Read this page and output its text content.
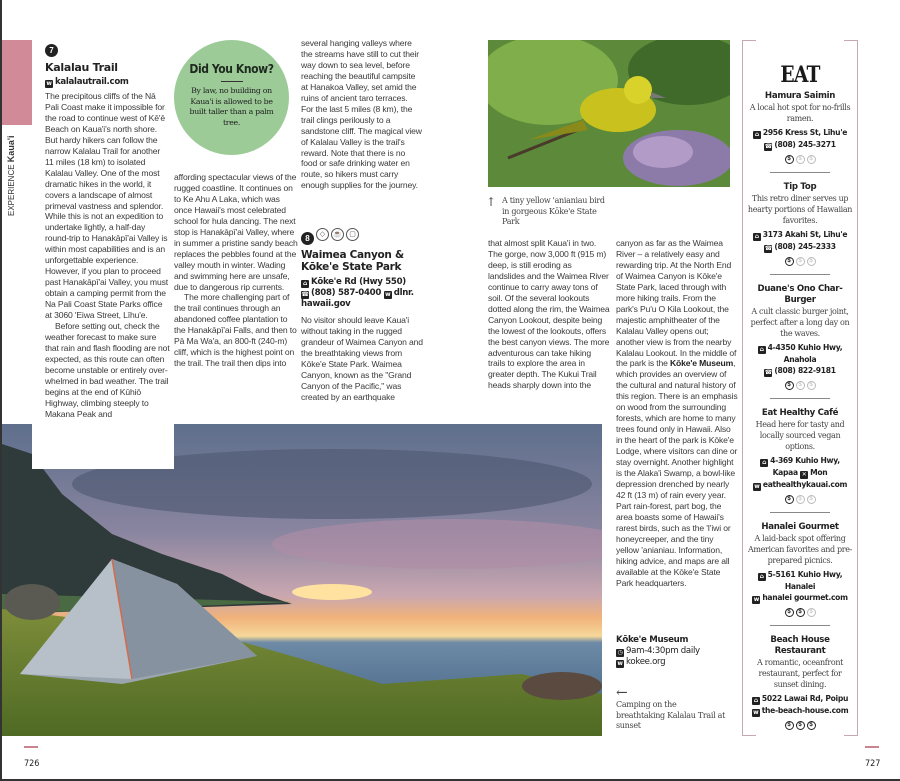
EXPERIENCE Kaua'i
7
Kalalau Trail
w kalalautrail.com

The precipitous cliffs of the Nā Pali Coast make it impossible for the road to continue west of Kē'ē Beach on Kaua'i's north shore. But hardy hikers can follow the narrow Kalalau Trail for another 11 miles (18 km) to isolated Kalalau Valley. One of the most dramatic hikes in the world, it covers a landscape of almost primeval vastness and splendor. While this is not an expedition to undertake lightly, a half-day round-trip to Hanakāpī'ai Valley is within most capabilities and is an unforgettable experience. However, if you plan to proceed past Hanakāpī'ai Valley, you must obtain a camping permit from the Na Pali Coast State Parks office at 3060 'Eiwa Street, Līhu'e.

Before setting out, check the weather forecast to make sure that rain and flash flooding are not expected, as this route can often become unstable or entirely over-whelmed in bad weather. The trail begins at the end of Kūhiō Highway, climbing steeply to Makana Peak and

Did You Know?
By law, no building on Kaua'i is allowed to be built taller than a palm tree.

affording spectacular views of the rugged coastline. It continues on to Ke Ahu A Laka, which was once Hawaii's most celebrated school for hula dancing. The next stop is Hanakāpī'ai Valley, where in summer a pristine sandy beach replaces the pebbles found at the valley mouth in winter. Wading and swimming here are unsafe, due to dangerous rip currents.

The more challenging part of the trail continues through an abandoned coffee plantation to the Hanakāpī'ai Falls, and then to Pā Ma Wa'a, an 800-ft (240-m) cliff, which is the highest point on the trail. The trail then dips into

several hanging valleys where the streams have still to cut their way down to sea level, before reaching the beautiful campsite at Hanakoa Valley, set amid the ruins of ancient taro terraces. For the last 5 miles (8 km), the trail clings perilously to a sandstone cliff. The magical view of Kalalau Valley is the trail's reward. Note that there is no food or safe drinking water en route, so hikers must carry enough supplies for the journey.

8 ◇ ☕ ▢
Waimea Canyon & Kōke'e State Park
⌂ Kōke'e Rd (Hwy 550)
☎ (808) 587-0400 w dlnr. hawaii.gov
No visitor should leave Kaua'i without taking in the rugged grandeur of Waimea Canyon and the breathtaking views from Kōke'e State Park. Waimea Canyon, known as the "Grand Canyon of the Pacific," was created by an earthquake
↑ A tiny yellow 'anianiau bird in gorgeous Kōke'e State Park
that almost split Kaua'i in two. The gorge, now 3,000 ft (915 m) deep, is still eroding as landslides and the Waimea River continue to carry away tons of soil. Of the several lookouts dotted along the rim, the Waimea Canyon Lookout, despite being the lowest of the lookouts, offers the best canyon views. The more adventurous can take hiking trails to explore the area in greater depth. The Kukui Trail heads sharply down into the
canyon as far as the Waimea River – a relatively easy and rewarding trip. At the North End of Waimea Canyon is Kōke'e State Park, laced through with more hiking trails. From the park's Pu'u O Kila Lookout, the majestic amphitheater of the Kalalau Valley opens out; another view is from the nearby Kalalau Lookout. In the middle of the park is the Kōke'e Museum, which provides an overview of the cultural and natural history of this region. There is an emphasis on wood from the surrounding forests, which are home to many trees found only in Hawaii. Also in the heart of the park is Kōke'e Lodge, where visitors can dine or stay overnight. Another highlight is the Alaka'i Swamp, a bowl-like depression drenched by nearly 42 ft (13 m) of rain every year. Part rain-forest, part bog, the area boasts some of Hawaii's rarest birds, such as the 'I'iwi or honeycreeper, and the tiny yellow 'anianiau. Information, hiking advice, and maps are all available at the Kōke'e State Park headquarters.
Kōke'e Museum
◷ 9am-4:30pm daily
w kokee.org
←
Camping on the breathtaking Kalalau Trail at sunset
EAT
Hamura Saimin
A local hot spot for no-frills ramen.
⌂ 2956 Kress St, Līhu'e
☎ (808) 245-3271
$ $ $
Tip Top
This retro diner serves up hearty portions of Hawaiian favorites.
⌂ 3173 Akahi St, Līhu'e
☎ (808) 245-2333
$ $ $
Duane's Ono Char-Burger
A cult classic burger joint, perfect after a long day on the waves.
⌂ 4-4350 Kuhio Hwy, Anahola
☎ (808) 822-9181
$ $ $
Eat Healthy Café
Head here for tasty and locally sourced vegan options.
⌂ 4-369 Kuhio Hwy, Kapaa ✕ Mon
w eathealthykauai.com
$ $ $
Hanalei Gourmet
A laid-back spot offering American favorites and pre-prepared picnics.
⌂ 5-5161 Kuhio Hwy, Hanalei
w hanalei gourmet.com
$ $ $
Beach House Restaurant
A romantic, oceanfront restaurant, perfect for sunset dining.
⌂ 5022 Lawai Rd, Poipu
w the-beach-house.com
$ $ $
726	727
